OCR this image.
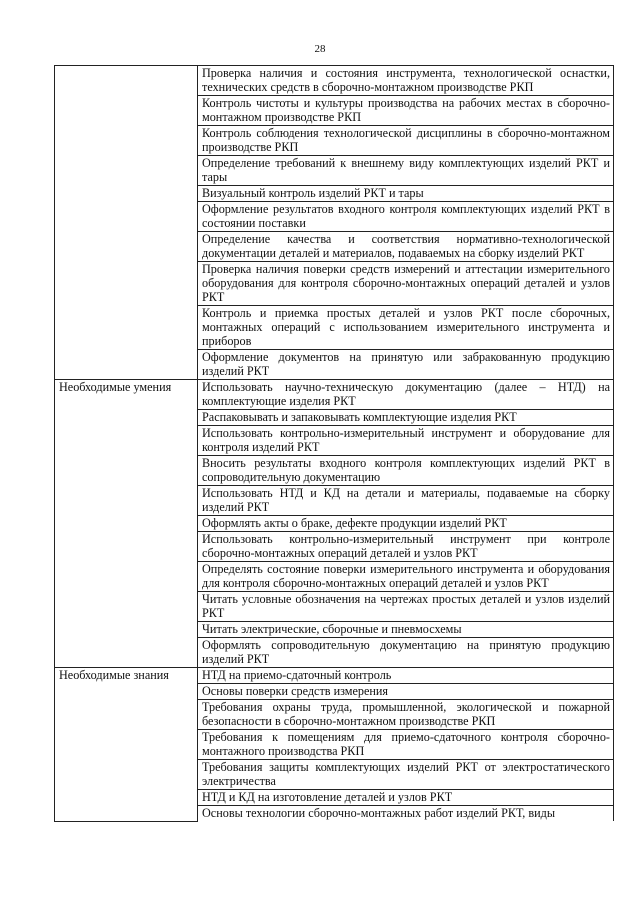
28
	Проверка наличия и состояния инструмента, технологической оснастки, технических средств в сборочно-монтажном производстве РКП
	Контроль чистоты и культуры производства на рабочих местах в сборочно-монтажном производстве РКП
	Контроль соблюдения технологической дисциплины в сборочно-монтажном производстве РКП
	Определение требований к внешнему виду комплектующих изделий РКТ и тары
	Визуальный контроль изделий РКТ и тары
	Оформление результатов входного контроля комплектующих изделий РКТ в состоянии поставки
	Определение качества и соответствия нормативно-технологической документации деталей и материалов, подаваемых на сборку изделий РКТ
	Проверка наличия поверки средств измерений и аттестации измерительного оборудования для контроля сборочно-монтажных операций деталей и узлов РКТ
	Контроль и приемка простых деталей и узлов РКТ после сборочных, монтажных операций с использованием измерительного инструмента и приборов
	Оформление документов на принятую или забракованную продукцию изделий РКТ
Необходимые умения	Использовать научно-техническую документацию (далее – НТД) на комплектующие изделия РКТ
	Распаковывать и запаковывать комплектующие изделия РКТ
	Использовать контрольно-измерительный инструмент и оборудование для контроля изделий РКТ
	Вносить результаты входного контроля комплектующих изделий РКТ в сопроводительную документацию
	Использовать НТД и КД на детали и материалы, подаваемые на сборку изделий РКТ
	Оформлять акты о браке, дефекте продукции изделий РКТ
	Использовать контрольно-измерительный инструмент при контроле сборочно-монтажных операций деталей и узлов РКТ
	Определять состояние поверки измерительного инструмента и оборудования для контроля сборочно-монтажных операций деталей и узлов РКТ
	Читать условные обозначения на чертежах простых деталей и узлов изделий РКТ
	Читать электрические, сборочные и пневмосхемы
	Оформлять сопроводительную документацию на принятую продукцию изделий РКТ
Необходимые знания	НТД на приемо-сдаточный контроль
	Основы поверки средств измерения
	Требования охраны труда, промышленной, экологической и пожарной безопасности в сборочно-монтажном производстве РКП
	Требования к помещениям для приемо-сдаточного контроля сборочно-монтажного производства РКП
	Требования защиты комплектующих изделий РКТ от электростатического электричества
	НТД и КД на изготовление деталей и узлов РКТ
	Основы технологии сборочно-монтажных работ изделий РКТ, виды
